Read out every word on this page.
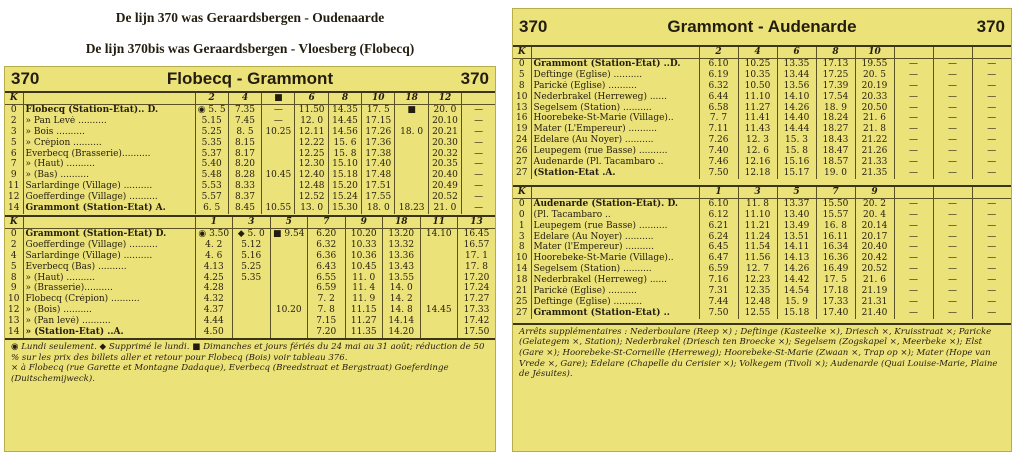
De lijn 370 was Geraardsbergen - Oudenaarde
De lijn 370bis was Geraardsbergen - Vloesberg (Flobecq)
370	Flobecq - Grammont	370
K		2	4	■	6	8	10	18	12	
0	Flobecq (Station-Etat).. D.	◉ 5. 5	7.35	—	11.50	14.35	17. 5	■	20. 0	—
2	» Pan Levé ..........	5.15	7.45	—	12. 0	14.45	17.15		20.10	—
3	» Bois ..........	5.25	8. 5	10.25	12.11	14.56	17.26	18. 0	20.21	—
5	» Crépion ..........	5.35	8.15		12.22	15. 6	17.36		20.30	—
6	Everbecq (Brasserie)..........	5.37	8.17		12.25	15. 8	17.38		20.32	—
7	» (Haut) ..........	5.40	8.20		12.30	15.10	17.40		20.35	—
9	» (Bas) ..........	5.48	8.28	10.45	12.40	15.18	17.48		20.40	—
11	Sarlardinge (Village) ..........	5.53	8.33		12.48	15.20	17.51		20.49	—
12	Goefferdinge (Village) ..........	5.57	8.37		12.52	15.24	17.55		20.52	—
14	Grammont (Station-Etat) A.	6. 5	8.45	10.55	13. 0	15.30	18. 0	18.23	21. 0	—
K		1	3	5	7	9	18	11	13
0	Grammont (Station-Etat) D.	◉ 3.50	◆ 5. 0	■ 9.54	6.20	10.20	13.20	14.10	16.45
2	Goefferdinge (Village) ..........	4. 2	5.12		6.32	10.33	13.32		16.57
4	Sarlardinge (Village) ..........	4. 6	5.16		6.36	10.36	13.36		17. 1
5	Everbecq (Bas) ..........	4.13	5.25		6.43	10.45	13.43		17. 8
8	» (Haut) ..........	4.25	5.35		6.55	11. 0	13.55		17.20
9	» (Brasserie)..........	4.28			6.59	11. 4	14. 0		17.24
10	Flobecq (Crépion) ..........	4.32			7. 2	11. 9	14. 2		17.27
12	» (Bois) ..........	4.37		10.20	7. 8	11.15	14. 8	14.45	17.33
13	» (Pan levé) ..........	4.44			7.15	11.27	14.14		17.42
14	» (Station-Etat) ..A.	4.50			7.20	11.35	14.20		17.50
◉ Lundi seulement. ◆ Supprimé le lundi. ■ Dimanches et jours fériés du 24 mai au 31 août; réduction de 50 % sur les prix des billets aller et retour pour Flobecq (Bois) voir tableau 376.
× à Flobecq (rue Garette et Montagne Dadaque), Everbecq (Breedstraat et Bergstraat) Goeferdinge (Duitschemijweck).
370	Grammont - Audenarde	370
K		2	4	6	8	10			
0	Grammont (Station-Etat) ..D.	6.10	10.25	13.35	17.13	19.55	—	—	—
5	Deftinge (Eglise) ..........	6.19	10.35	13.44	17.25	20. 5	—	—	—
8	Parické (Eglise) ..........	6.32	10.50	13.56	17.39	20.19	—	—	—
10	Nederbrakel (Herreweg) ......	6.44	11.10	14.10	17.54	20.33	—	—	—
13	Segelsem (Station) ..........	6.58	11.27	14.26	18. 9	20.50	—	—	—
16	Hoorebeke-St-Marie (Village)..	7. 7	11.41	14.40	18.24	21. 6	—	—	—
19	Mater (L'Empereur) ..........	7.11	11.43	14.44	18.27	21. 8	—	—	—
24	Edelare (Au Noyer) ..........	7.26	12. 3	15. 3	18.43	21.22	—	—	—
26	Leupegem (rue Basse) ..........	7.40	12. 6	15. 8	18.47	21.26	—	—	—
27	Audenarde (Pl. Tacambaro ..	7.46	12.16	15.16	18.57	21.33	—	—	—
27	(Station-Etat .A.	7.50	12.18	15.17	19. 0	21.35	—	—	—
K		1	3	5	7	9			
0	Audenarde (Station-Etat). D.	6.10	11. 8	13.37	15.50	20. 2	—	—	—
0	(Pl. Tacambaro ..	6.12	11.10	13.40	15.57	20. 4	—	—	—
1	Leupegem (rue Basse) ..........	6.21	11.21	13.49	16. 8	20.14	—	—	—
3	Edelare (Au Noyer) ..........	6.24	11.24	13.51	16.11	20.17	—	—	—
8	Mater (l'Empereur) ..........	6.45	11.54	14.11	16.34	20.40	—	—	—
10	Hoorebeke-St-Marie (Village)..	6.47	11.56	14.13	16.36	20.42	—	—	—
14	Segelsem (Station) ..........	6.59	12. 7	14.26	16.49	20.52	—	—	—
18	Nederbrakel (Herreweg) ......	7.16	12.23	14.42	17. 5	21. 6	—	—	—
21	Parické (Eglise) ..........	7.31	12.35	14.54	17.18	21.19	—	—	—
25	Deftinge (Eglise) ..........	7.44	12.48	15. 9	17.33	21.31	—	—	—
27	Grammont (Station-Etat) ..	7.50	12.55	15.18	17.40	21.40	—	—	—
Arrêts supplémentaires : Nederboulare (Reep ×) ; Deftinge (Kasteelke ×), Driesch ×, Kruisstraat ×; Paricke (Gelategem ×, Station); Nederbrakel (Driesch ten Broecke ×); Segelsem (Zogskapel ×, Meerbeke ×); Elst (Gare ×); Hoorebeke-St-Corneille (Herreweg); Hoorebeke-St-Marie (Zwaan ×, Trap op ×); Mater (Hope van Vrede ×, Gare); Edelare (Chapelle du Cerisier ×); Volkegem (Tivoli ×); Audenarde (Quai Louise-Marie, Plaine de Jésuites).
